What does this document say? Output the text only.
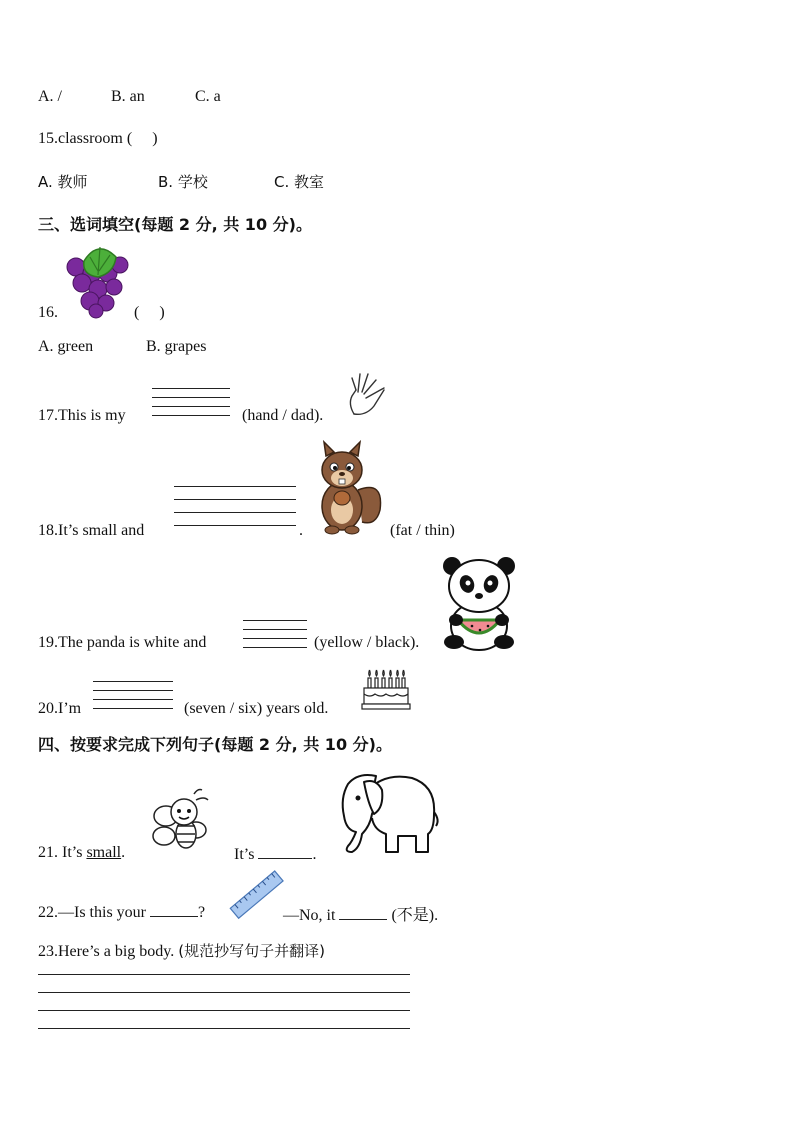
A. /	B. an	C. a
15.classroom (     )
A. 教师	B. 学校	C. 教室
三、选词填空(每题 2 分, 共 10 分)。
16.	(     )
A. green	B. grapes
17.This is my	(hand / dad).
18.It’s small and	.	(fat / thin)
19.The panda is white and	(yellow / black).
20.I’m	(seven / six) years old.
四、按要求完成下列句子(每题 2 分, 共 10 分)。
21. It’s small.	It’s	.
22.—Is this your	?	—No, it	(不是).
23.Here’s a big body. (规范抄写句子并翻译)
